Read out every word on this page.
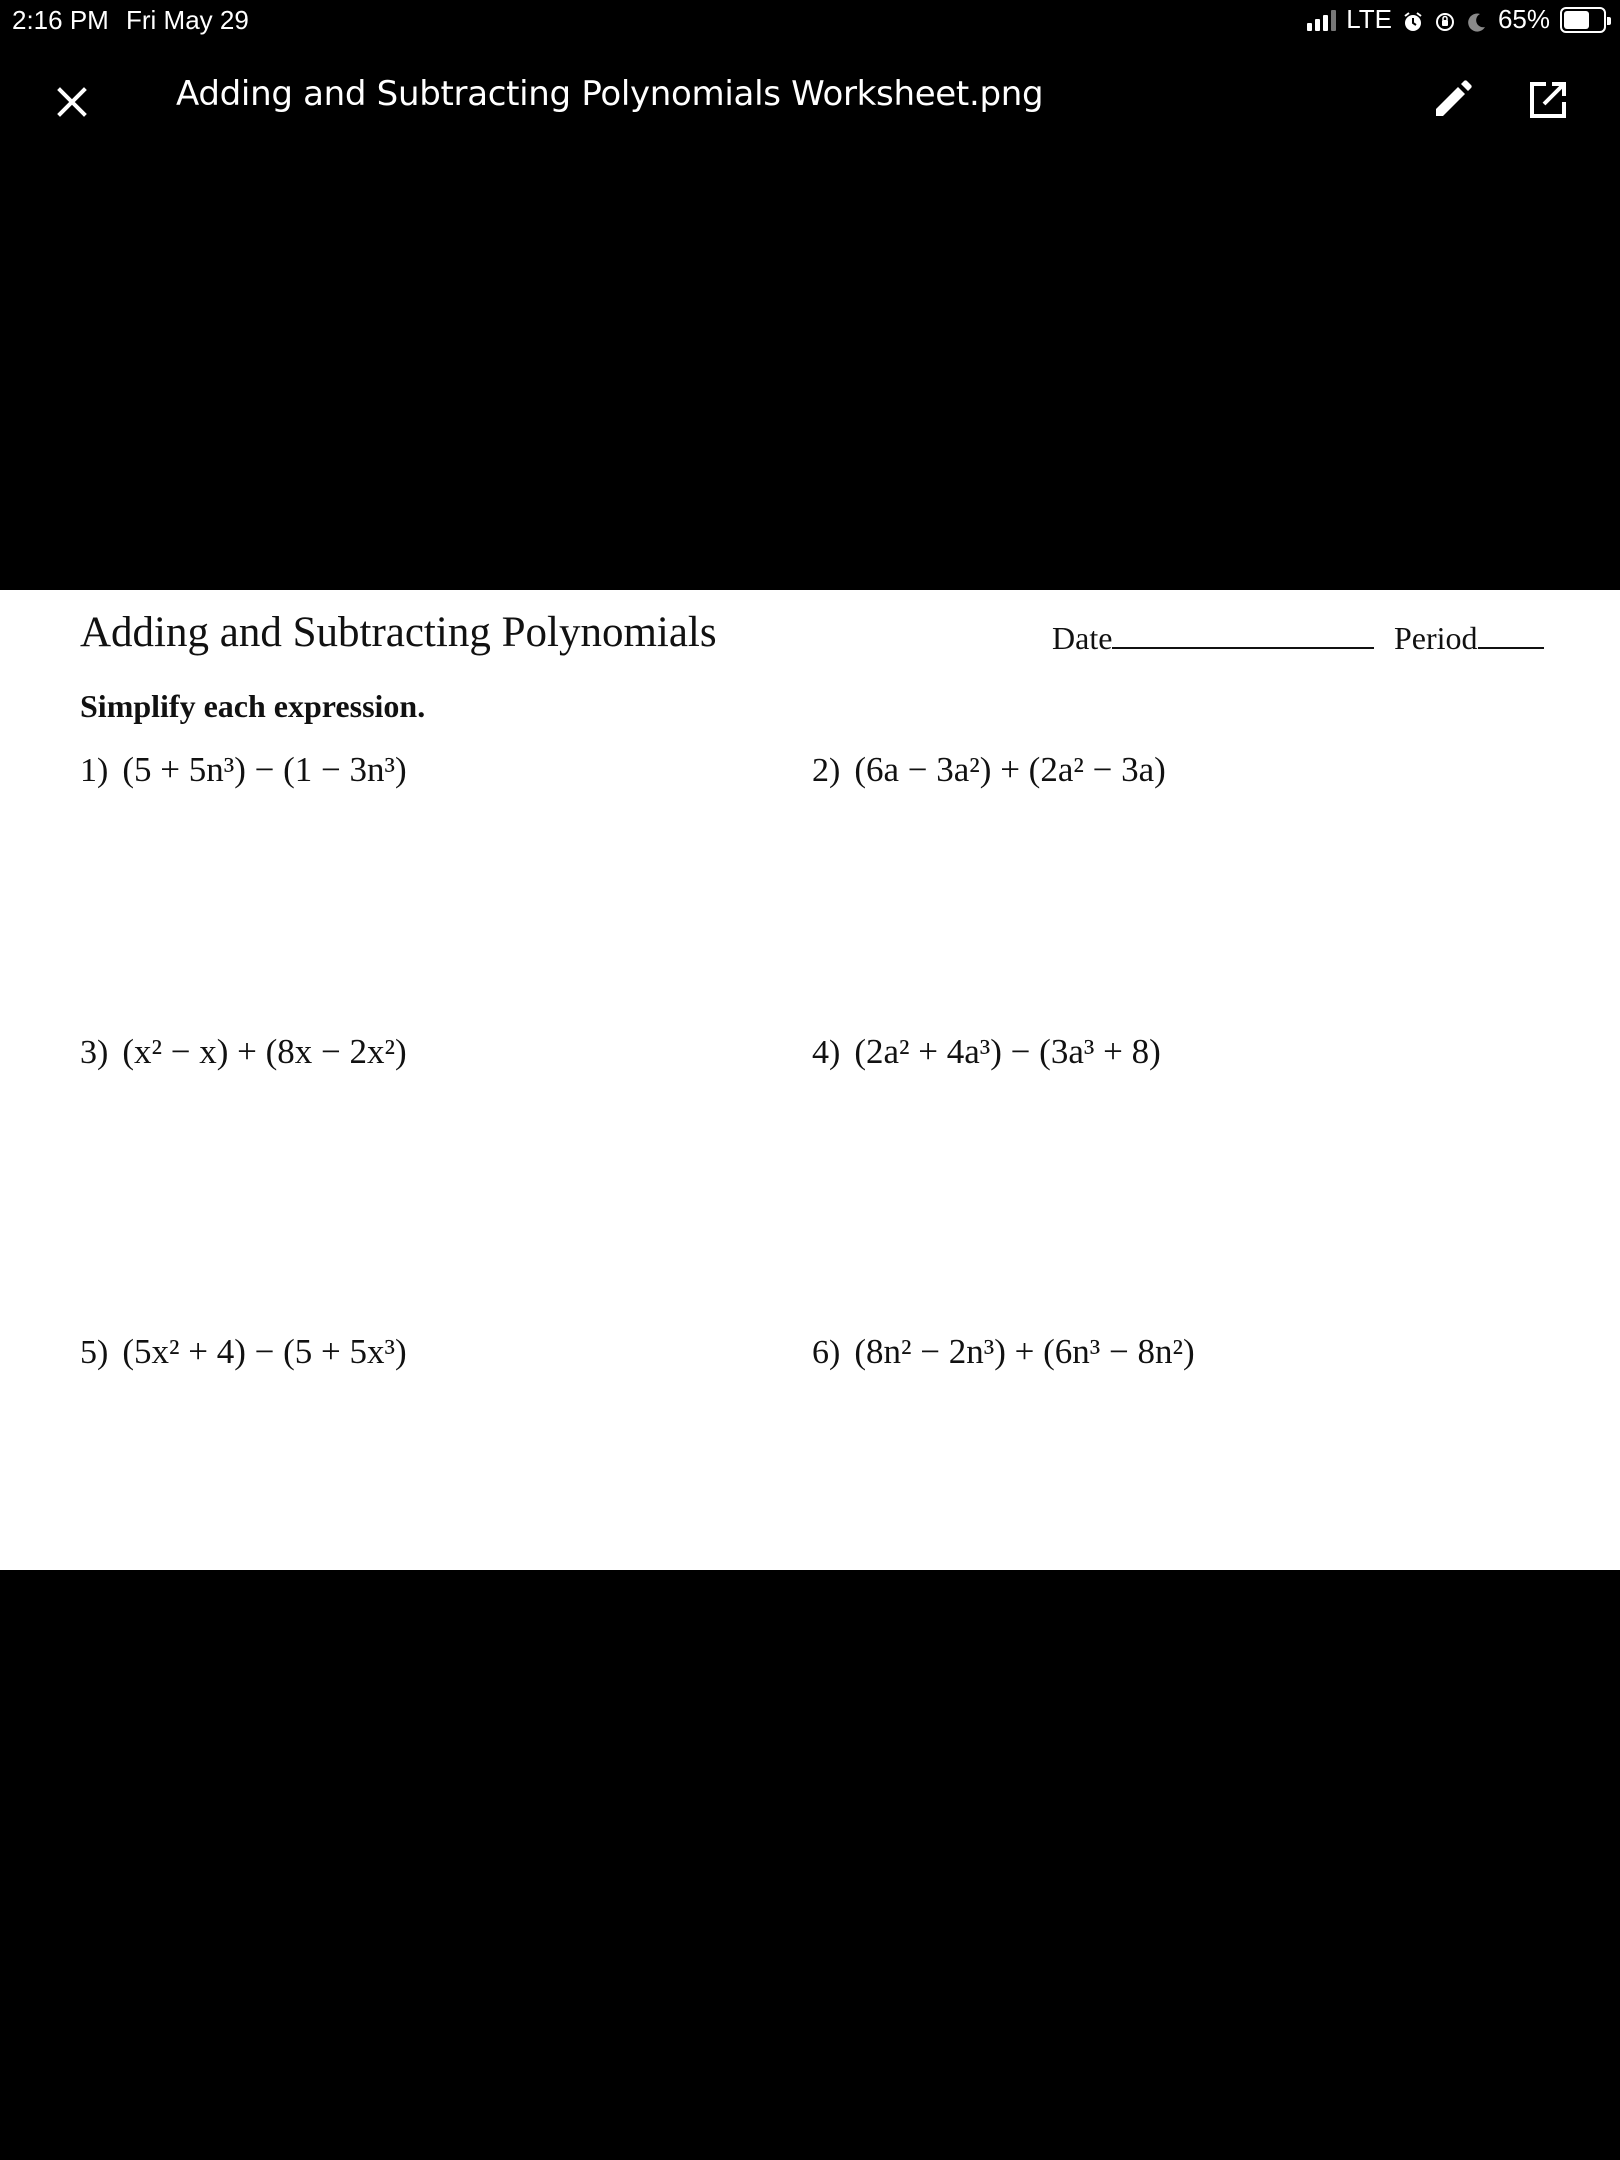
2:16 PM Fri May 29	LTE	65%
Adding and Subtracting Polynomials Worksheet.png
Adding and Subtracting Polynomials	Date	Period
Simplify each expression.
1) (5 + 5n³) − (1 − 3n³)	2) (6a − 3a²) + (2a² − 3a)
3) (x² − x) + (8x − 2x²)	4) (2a² + 4a³) − (3a³ + 8)
5) (5x² + 4) − (5 + 5x³)	6) (8n² − 2n³) + (6n³ − 8n²)
